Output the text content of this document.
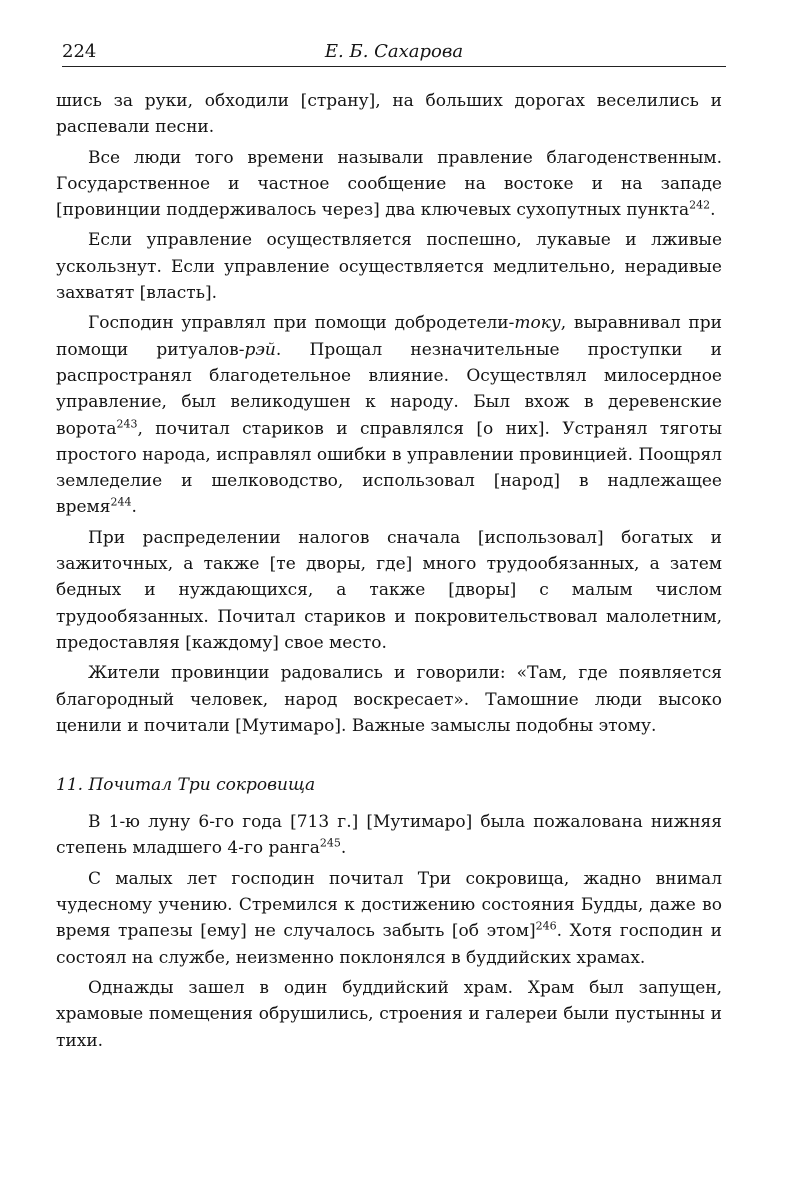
224	Е. Б. Сахарова

шись за руки, обходили [страну], на больших дорогах веселились и распевали песни.

Все люди того времени называли правление благоденственным. Государственное и частное сообщение на востоке и на западе [провинции поддерживалось через] два ключевых сухопутных пункта$^{242}$.

Если управление осуществляется поспешно, лукавые и лживые ускользнут. Если управление осуществляется медлительно, нерадивые захватят [власть].

Господин управлял при помощи добродетели-току, выравнивал при помощи ритуалов-рэй. Прощал незначительные проступки и распространял благодетельное влияние. Осуществлял милосердное управление, был великодушен к народу. Был вхож в деревенские ворота$^{243}$, почитал стариков и справлялся [о них]. Устранял тяготы простого народа, исправлял ошибки в управлении провинцией. Поощрял земледелие и шелководство, использовал [народ] в надлежащее время$^{244}$.

При распределении налогов сначала [использовал] богатых и зажиточных, а также [те дворы, где] много трудообязанных, а затем бедных и нуждающихся, а также [дворы] с малым числом трудообязанных. Почитал стариков и покровительствовал малолетним, предоставляя [каждому] свое место.

Жители провинции радовались и говорили: «Там, где появляется благородный человек, народ воскресает». Тамошние люди высоко ценили и почитали [Мутимаро]. Важные замыслы подобны этому.

11. Почитал Три сокровища

В 1-ю луну 6-го года [713 г.] [Мутимаро] была пожалована нижняя степень младшего 4-го ранга$^{245}$.

С малых лет господин почитал Три сокровища, жадно внимал чудесному учению. Стремился к достижению состояния Будды, даже во время трапезы [ему] не случалось забыть [об этом]$^{246}$. Хотя господин и состоял на службе, неизменно поклонялся в буддийских храмах.

Однажды зашел в один буддийский храм. Храм был запущен, храмовые помещения обрушились, строения и галереи были пустынны и тихи.
